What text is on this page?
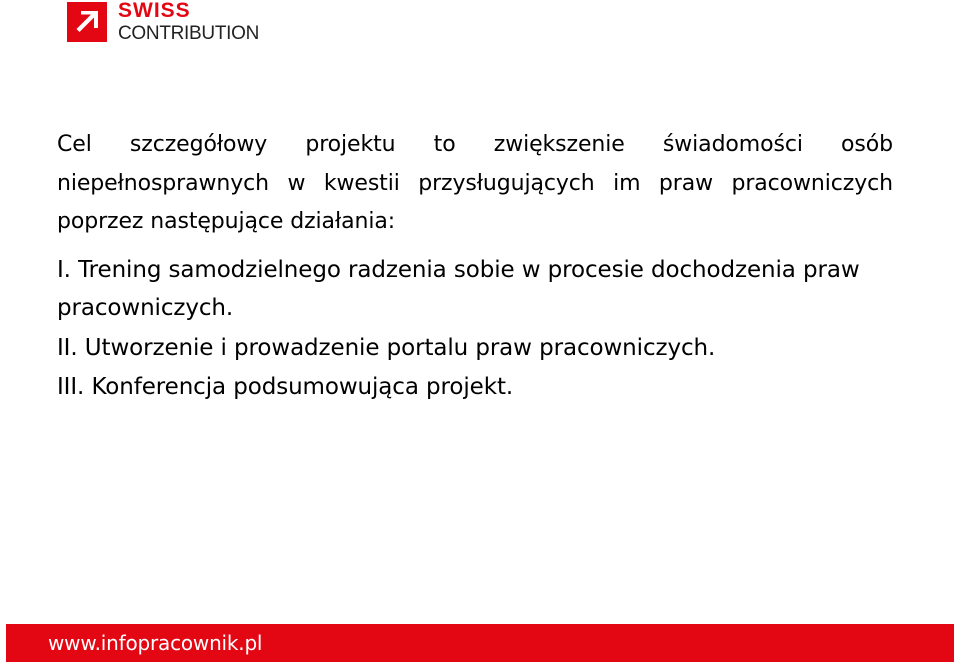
SWISS
CONTRIBUTION

Cel szczegółowy projektu to zwiększenie świadomości osób niepełnosprawnych w kwestii przysługujących im praw pracowniczych poprzez następujące działania:

I. Trening samodzielnego radzenia sobie w procesie dochodzenia praw pracowniczych.

II. Utworzenie i prowadzenie portalu praw pracowniczych.

III. Konferencja podsumowująca projekt.

www.infopracownik.pl
